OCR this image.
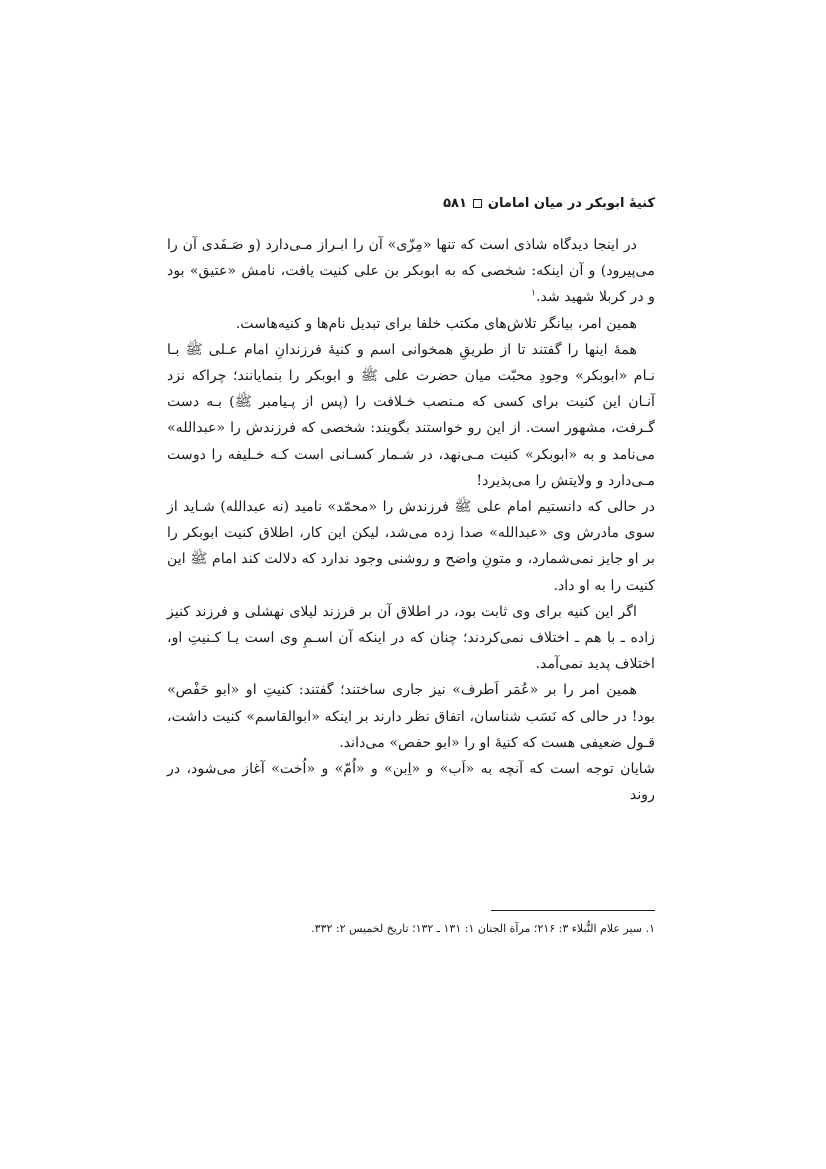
کنیهٔ ابوبکر در میان امامان
۵۸۱

در اینجا دیدگاه شاذی است که تنها «مِزّی» آن را ابـراز مـی‌دارد (و صَـفَدی آن را می‌پیرود) و آن اینکه: شخصی که به ابوبکر بن علی کنیت یافت، نامش «عتیق» بود و در کربلا شهید شد.$^۱$

همین امر، بیانگر تلاش‌های مکتب خلفا برای تبدیل نام‌ها و کنیه‌هاست.

همهٔ اینها را گفتند تا از طریقِ همخوانی اسم و کنیهٔ فرزندانِ امام عـلی ﷺ بـا نـام «ابوبکر» وجودِ محبّت میان حضرت علی ﷺ و ابوبکر را بنمایانند؛ چراکه نزد آنـان این کنیت برای کسی که مـنصب خـلافت را (پس از پـیامبر ﷺ) بـه دست گـرفت، مشهور است. از این رو خواستند بگویند: شخصی که فرزندش را «عبدالله» می‌نامد و به «ابوبکر» کنیت مـی‌نهد، در شـمار کسـانی است کـه خـلیفه را دوست مـی‌دارد و ولایتش را می‌پذیرد!

در حالی که دانستیم امام علی ﷺ فرزندش را «محمّد» نامید (نه عبدالله) شـاید از سوی مادرش وی «عبدالله» صدا زده می‌شد، لیکن این کار، اطلاق کنیت ابوبکر را بر او جایز نمی‌شمارد، و متونِ واضح و روشنی وجود ندارد که دلالت کند امام ﷺ این کنیت را به او داد.

اگر این کنیه برای وی ثابت بود، در اطلاق آن بر فرزند لیلای نهشلی و فرزند کنیز زاده ـ با هم ـ اختلاف نمی‌کردند؛ چنان که در اینکه آن اسـمِ وی است یـا کـنیتِ او، اختلاف پدید نمی‌آمد.

همین امر را بر «عُمَر اَطرف» نیز جاری ساختند؛ گفتند: کنیتِ او «ابو حَفْص» بود! در حالی که نَسَب شناسان، اتفاق نظر دارند بر اینکه «ابوالقاسم» کنیت داشت، قـول ضعیفی هست که کنیهٔ او را «ابو حفص» می‌داند.

شایان توجه است که آنچه به «اَب» و «اِبن» و «اُمّ» و «اُخت» آغاز می‌شود، در روند

۱. سیر علام النُّبلاء ۳: ۲۱۶؛ مرآة الجنان ۱: ۱۳۱ ـ ۱۳۲؛ تاریخ لخمیس ۲: ۳۳۲.
